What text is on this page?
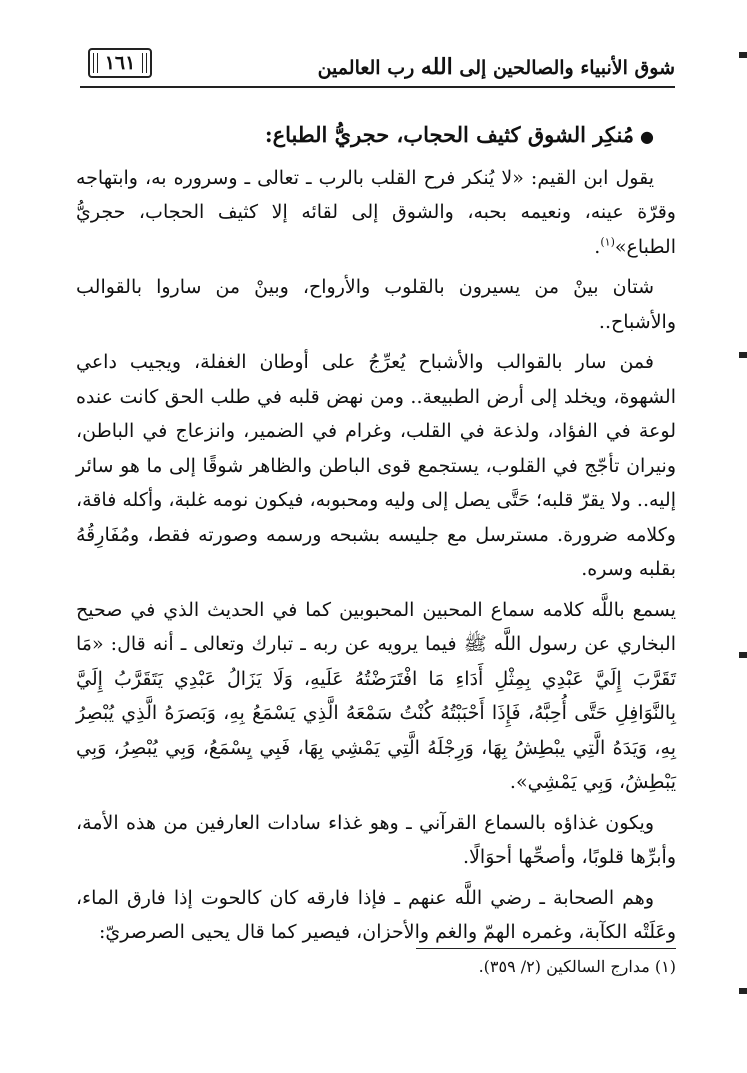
١٦١	شوق الأنبياء والصالحين إلى الله رب العالمين

●مُنكِر الشوق كثيف الحجاب، حجريُّ الطباع:

يقول ابن القيم: «لا يُنكر فرح القلب بالرب ـ تعالى ـ وسروره به، وابتهاجه وقرّة عينه، ونعيمه بحبه، والشوق إلى لقائه إلا كثيف الحجاب، حجريُّ الطباع»$^{(١)}$.

شتان بينْ من يسيرون بالقلوب والأرواح، وبينْ من ساروا بالقوالب والأشباح..

فمن سار بالقوالب والأشباح يُعرِّجُ على أوطان الغفلة، ويجيب داعي الشهوة، ويخلد إلى أرض الطبيعة.. ومن نهض قلبه في طلب الحق كانت عنده لوعة في الفؤاد، ولذعة في القلب، وغرام في الضمير، وانزعاج في الباطن، ونيران تأجّج في القلوب، يستجمع قوى الباطن والظاهر شوقًا إلى ما هو سائر إليه.. ولا يقرّ قلبه؛ حَتَّى يصل إلى وليه ومحبوبه، فيكون نومه غلبة، وأكله فاقة، وكلامه ضرورة. مسترسل مع جليسه بشبحه ورسمه وصورته فقط، ومُفَارِقُهُ بقلبه وسره.

يسمع باللَّه كلامه سماع المحبين المحبوبين كما في الحديث الذي في صحيح البخاري عن رسول اللَّه ﷺ فيما يرويه عن ربه ـ تبارك وتعالى ـ أنه قال: «مَا تَقَرَّبَ إِلَيَّ عَبْدِي بِمِثْلِ أَدَاءِ مَا افْتَرَضْتُهُ عَلَيهِ، وَلَا يَزَالُ عَبْدِي يَتَقَرَّبُ إِلَيَّ بِالنَّوَافِلِ حَتَّى أُحِبَّهُ، فَإِذَا أَحْبَبْتُهُ كُنْتُ سَمْعَهُ الَّذِي يَسْمَعُ بِهِ، وَبَصرَهُ الَّذِي يُبْصِرُ بِهِ، وَيَدَهُ الَّتِي يبْطِشُ بِهَا، وَرِجْلَهُ الَّتِي يَمْشِي بِهَا، فَبِي يِسْمَعُ، وَبِي يُبْصِرُ، وَبِي يَبْطِشُ، وَبِي يَمْشِي».

ويكون غذاؤه بالسماع القرآني ـ وهو غذاء سادات العارفين من هذه الأمة، وأبرِّها قلوبًا، وأصحِّها أحوَالًا.

وهم الصحابة ـ رضي اللَّه عنهم ـ فإذا فارقه كان كالحوت إذا فارق الماء، وعَلَتْه الكآبة، وغمره الهمّ والغم والأحزان، فيصير كما قال يحيى الصرصريّ:

(١) مدارج السالكين (٢/ ٣٥٩).
